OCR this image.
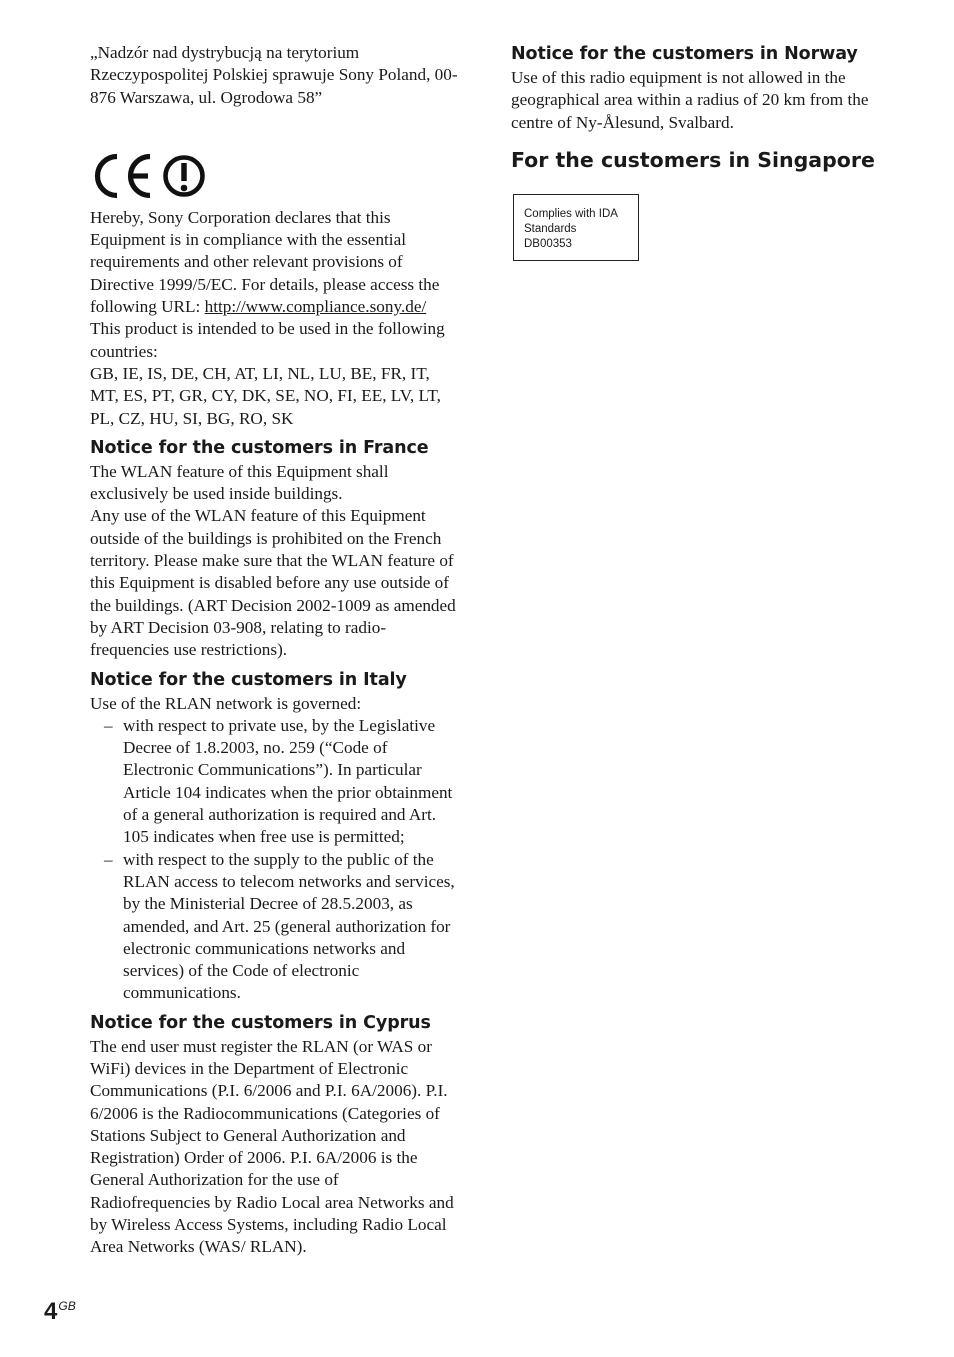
„Nadzór nad dystrybucją na terytorium Rzeczypospolitej Polskiej sprawuje Sony Poland, 00-876 Warszawa, ul. Ogrodowa 58”

Hereby, Sony Corporation declares that this Equipment is in compliance with the essential requirements and other relevant provisions of Directive 1999/5/EC. For details, please access the following URL: http://www.compliance.sony.de/

This product is intended to be used in the following countries:

GB, IE, IS, DE, CH, AT, LI, NL, LU, BE, FR, IT, MT, ES, PT, GR, CY, DK, SE, NO, FI, EE, LV, LT, PL, CZ, HU, SI, BG, RO, SK

Notice for the customers in France

The WLAN feature of this Equipment shall exclusively be used inside buildings.

Any use of the WLAN feature of this Equipment outside of the buildings is prohibited on the French territory. Please make sure that the WLAN feature of this Equipment is disabled before any use outside of the buildings. (ART Decision 2002-1009 as amended by ART Decision 03-908, relating to radio-frequencies use restrictions).

Notice for the customers in Italy

Use of the RLAN network is governed:

– with respect to private use, by the Legislative Decree of 1.8.2003, no. 259 (“Code of Electronic Communications”). In particular Article 104 indicates when the prior obtainment of a general authorization is required and Art. 105 indicates when free use is permitted;
– with respect to the supply to the public of the RLAN access to telecom networks and services, by the Ministerial Decree of 28.5.2003, as amended, and Art. 25 (general authorization for electronic communications networks and services) of the Code of electronic communications.
Notice for the customers in Cyprus

The end user must register the RLAN (or WAS or WiFi) devices in the Department of Electronic Communications (P.I. 6/2006 and P.I. 6A/2006). P.I. 6/2006 is the Radiocommunications (Categories of Stations Subject to General Authorization and Registration) Order of 2006. P.I. 6A/2006 is the General Authorization for the use of Radiofrequencies by Radio Local area Networks and by Wireless Access Systems, including Radio Local Area Networks (WAS/ RLAN).

Notice for the customers in Norway

Use of this radio equipment is not allowed in the geographical area within a radius of 20 km from the centre of Ny-Ålesund, Svalbard.

For the customers in Singapore
Complies with IDA
Standards
DB00353
$4^{GB}$
